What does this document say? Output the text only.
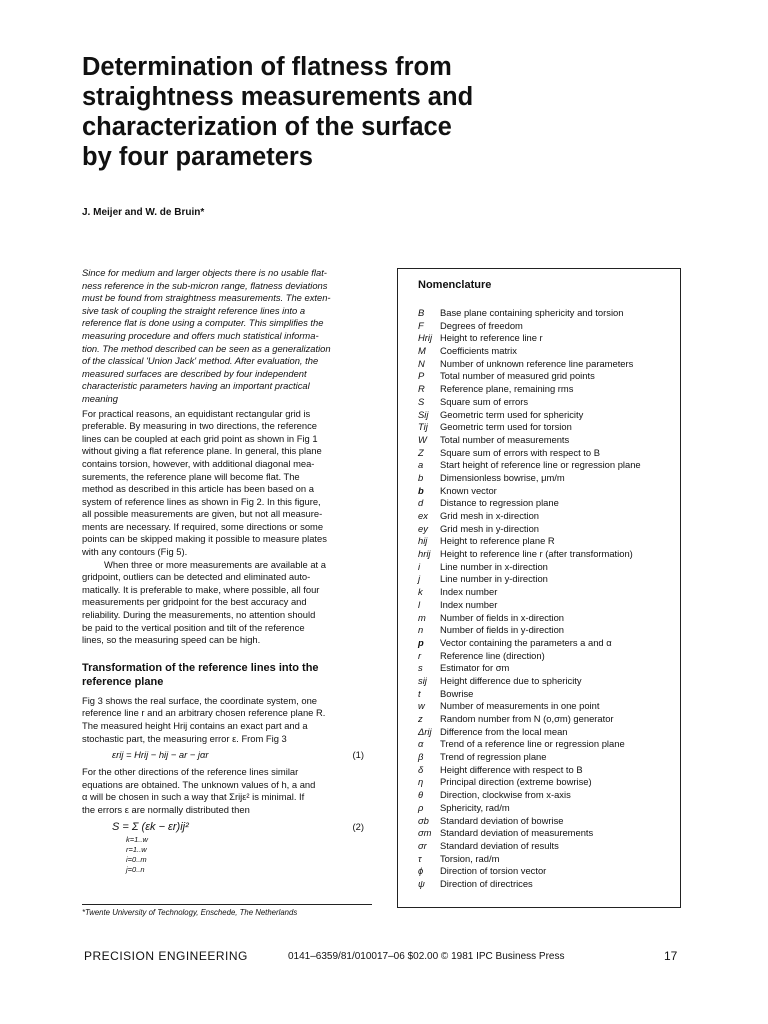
Determination of flatness from
straightness measurements and
characterization of the surface
by four parameters

J. Meijer and W. de Bruin*

Since for medium and larger objects there is no usable flat-
ness reference in the sub-micron range, flatness deviations
must be found from straightness measurements. The exten-
sive task of coupling the straight reference lines into a
reference flat is done using a computer. This simplifies the
measuring procedure and offers much statistical informa-
tion. The method described can be seen as a generalization
of the classical 'Union Jack' method. After evaluation, the
measured surfaces are described by four independent
characteristic parameters having an important practical
meaning

For practical reasons, an equidistant rectangular grid is
preferable. By measuring in two directions, the reference
lines can be coupled at each grid point as shown in Fig 1
without giving a flat reference plane. In general, this plane
contains torsion, however, with additional diagonal mea-
surements, the reference plane will become flat. The
method as described in this article has been based on a
system of reference lines as shown in Fig 2. In this figure,
all possible measurements are given, but not all measure-
ments are necessary. If required, some directions or some
points can be skipped making it possible to measure plates
with any contours (Fig 5).

When three or more measurements are available at a
gridpoint, outliers can be detected and eliminated auto-
matically. It is preferable to make, where possible, all four
measurements per gridpoint for the best accuracy and
reliability. During the measurements, no attention should
be paid to the vertical position and tilt of the reference
lines, so the measuring speed can be high.

Transformation of the reference lines into the
reference plane

Fig 3 shows the real surface, the coordinate system, one
reference line r and an arbitrary chosen reference plane R.
The measured height Hrij contains an exact part and a
stochastic part, the measuring error ε. From Fig 3

εrij = Hrij − hij − ar − jαr	(1)

For the other directions of the reference lines similar
equations are obtained. The unknown values of h, a and
α will be chosen in such a way that Σrijε² is minimal. If
the errors ε are normally distributed then

S = Σ (εk − εr)ij²	(2)
k=1..w
r=1..w
i=0..m
j=0..n
*Twente University of Technology, Enschede, The Netherlands
Nomenclature
B	Base plane containing sphericity and torsion
F	Degrees of freedom
Hrij Height to reference line r
M	Coefficients matrix
N	Number of unknown reference line parameters
P	Total number of measured grid points
R	Reference plane, remaining rms
S	Square sum of errors
Sij	Geometric term used for sphericity
Tij	Geometric term used for torsion
W	Total number of measurements
Z	Square sum of errors with respect to B
a	Start height of reference line or regression plane
b	Dimensionless bowrise, μm/m
b	Known vector
d	Distance to regression plane
ex	Grid mesh in x-direction
ey	Grid mesh in y-direction
hij	Height to reference plane R
hrij	Height to reference line r (after transformation)
i	Line number in x-direction
j	Line number in y-direction
k	Index number
l	Index number
m	Number of fields in x-direction
n	Number of fields in y-direction
p	Vector containing the parameters a and α
r	Reference line (direction)
s	Estimator for σm
sij	Height difference due to sphericity
t	Bowrise
w	Number of measurements in one point
z	Random number from N (o,σm) generator
Δrij Difference from the local mean
α	Trend of a reference line or regression plane
β	Trend of regression plane
δ	Height difference with respect to B
η	Principal direction (extreme bowrise)
θ	Direction, clockwise from x-axis
ρ	Sphericity, rad/m
σb	Standard deviation of bowrise
σm Standard deviation of measurements
σr	Standard deviation of results
τ	Torsion, rad/m
ϕ	Direction of torsion vector
ψ	Direction of directrices
PRECISION ENGINEERING	0141–6359/81/010017–06 $02.00 © 1981 IPC Business Press	17
